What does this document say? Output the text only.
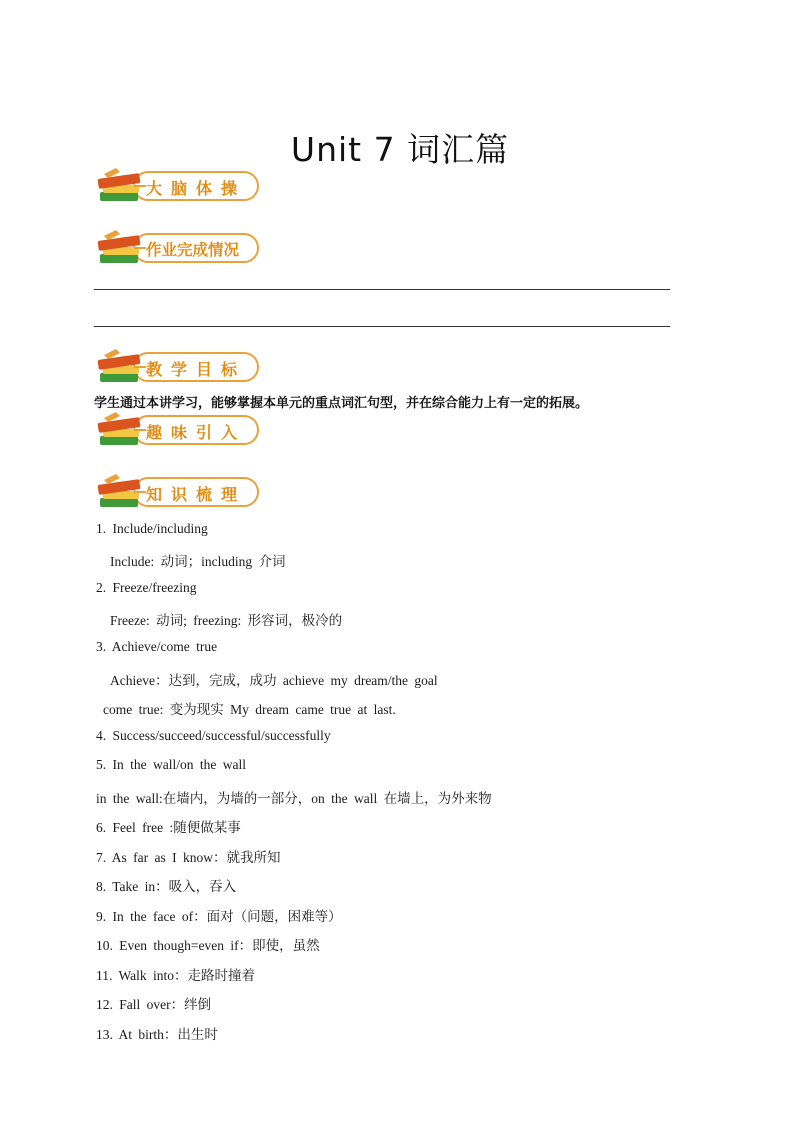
Unit 7 词汇篇
大脑体操
作业完成情况
教学目标
学生通过本讲学习，能够掌握本单元的重点词汇句型，并在综合能力上有一定的拓展。
趣味引入
知识梳理
1. Include/including
Include: 动词；including 介词
2. Freeze/freezing
Freeze: 动词; freezing: 形容词，极冷的
3. Achieve/come true
Achieve：达到，完成，成功 achieve my dream/the goal
come true: 变为现实 My dream came true at last.
4. Success/succeed/successful/successfully
5. In the wall/on the wall
in the wall:在墙内，为墙的一部分，on the wall 在墙上，为外来物
6. Feel free :随便做某事
7. As far as I know：就我所知
8. Take in：吸入，吞入
9. In the face of：面对（问题，困难等）
10. Even though=even if：即使，虽然
11. Walk into：走路时撞着
12. Fall over：绊倒
13. At birth：出生时
